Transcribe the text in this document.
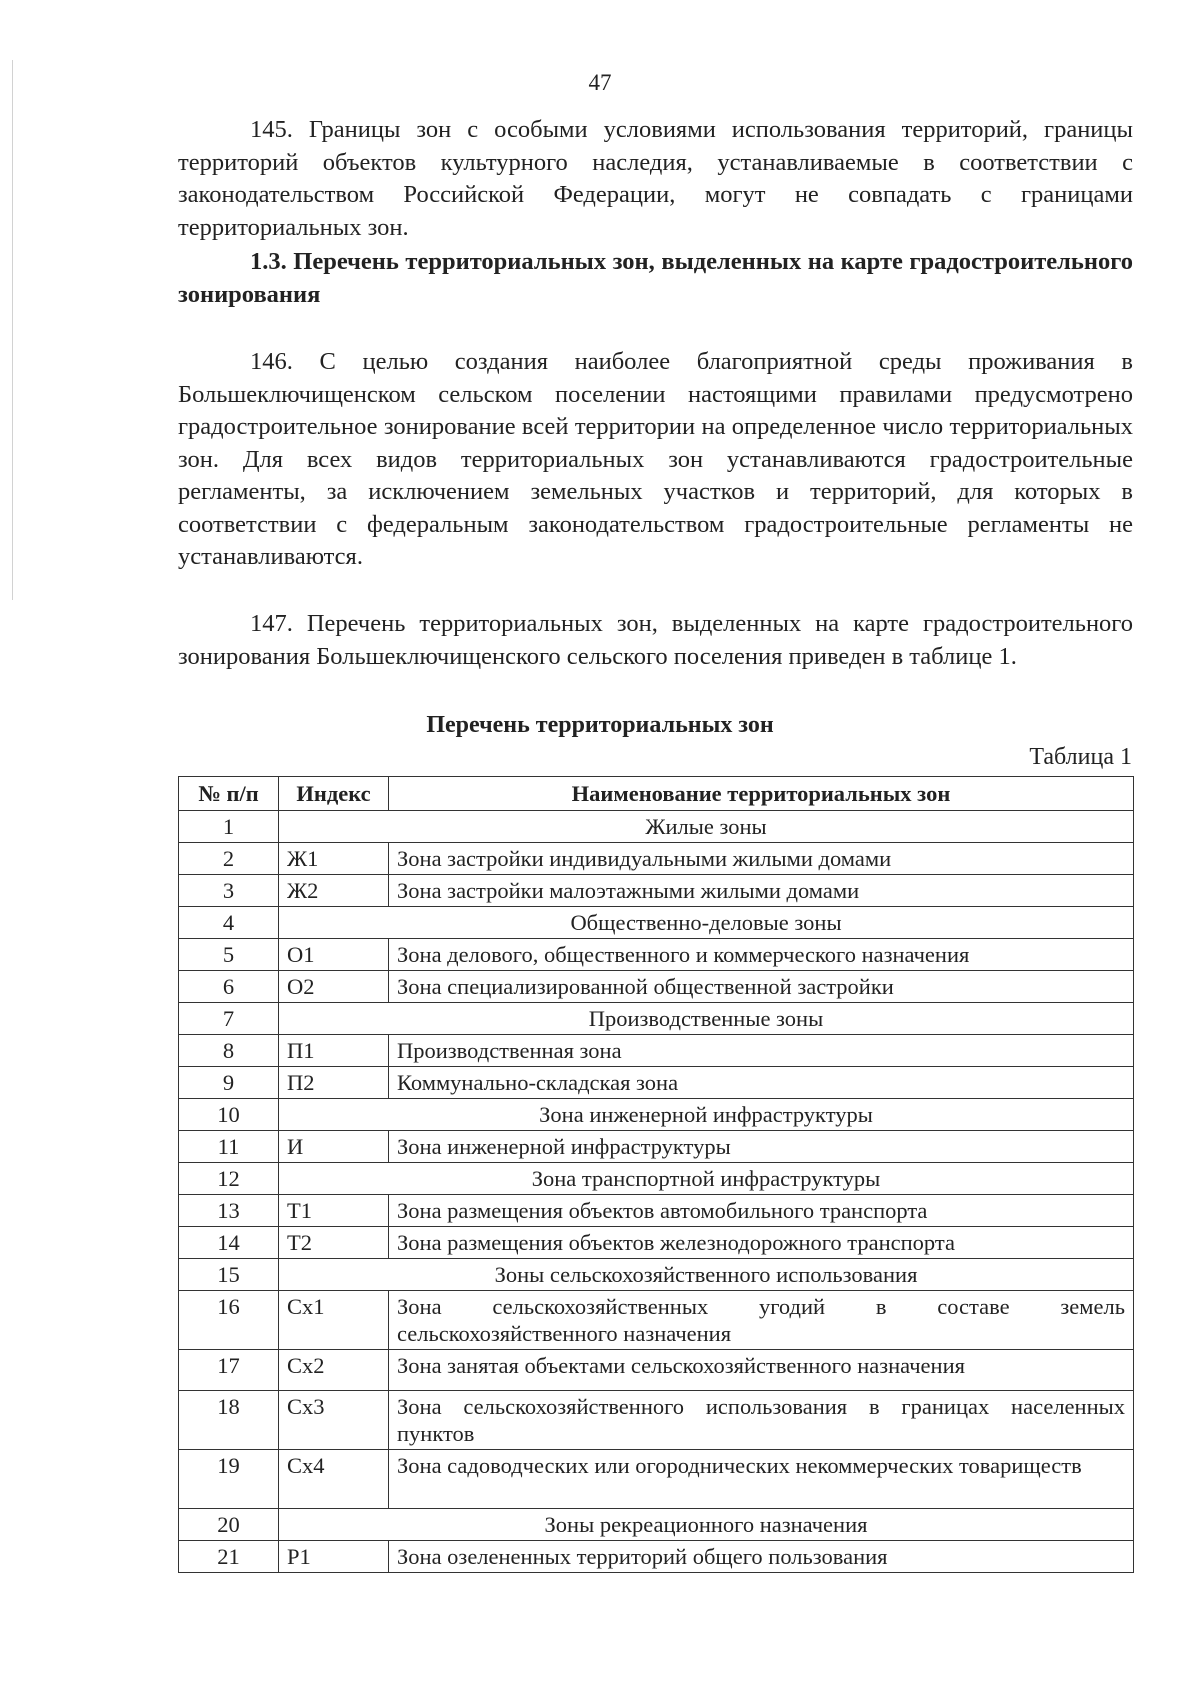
47

145. Границы зон с особыми условиями использования территорий, границы территорий объектов культурного наследия, устанавливаемые в соответствии с законодательством Российской Федерации, могут не совпадать с границами территориальных зон.

1.3. Перечень территориальных зон, выделенных на карте градостроительного зонирования

146. С целью создания наиболее благоприятной среды проживания в Большеключищенском сельском поселении настоящими правилами предусмотрено градостроительное зонирование всей территории на определенное число территориальных зон. Для всех видов территориальных зон устанавливаются градостроительные регламенты, за исключением земельных участков и территорий, для которых в соответствии с федеральным законодательством градостроительные регламенты не устанавливаются.

147. Перечень территориальных зон, выделенных на карте градостроительного зонирования Большеключищенского сельского поселения приведен в таблице 1.

Перечень территориальных зон
Таблица 1
№ п/п	Индекс	Наименование территориальных зон
1	Жилые зоны	
2	Ж1	Зона застройки индивидуальными жилыми домами
3	Ж2	Зона застройки малоэтажными жилыми домами
4	Общественно-деловые зоны	
5	О1	Зона делового, общественного и коммерческого назначения
6	О2	Зона специализированной общественной застройки
7	Производственные зоны	
8	П1	Производственная зона
9	П2	Коммунально-складская зона
10	Зона инженерной инфраструктуры	
11	И	Зона инженерной инфраструктуры
12	Зона транспортной инфраструктуры	
13	Т1	Зона размещения объектов автомобильного транспорта
14	Т2	Зона размещения объектов железнодорожного транспорта
15	Зоны сельскохозяйственного использования	
16	Сх1	Зона сельскохозяйственных угодий в составе земель сельскохозяйственного назначения
17	Сх2	Зона занятая объектами сельскохозяйственного назначения
18	Сх3	Зона сельскохозяйственного использования в границах населенных пунктов
19	Сх4	Зона садоводческих или огороднических некоммерческих товариществ
20	Зоны рекреационного назначения	
21	Р1	Зона озелененных территорий общего пользования
